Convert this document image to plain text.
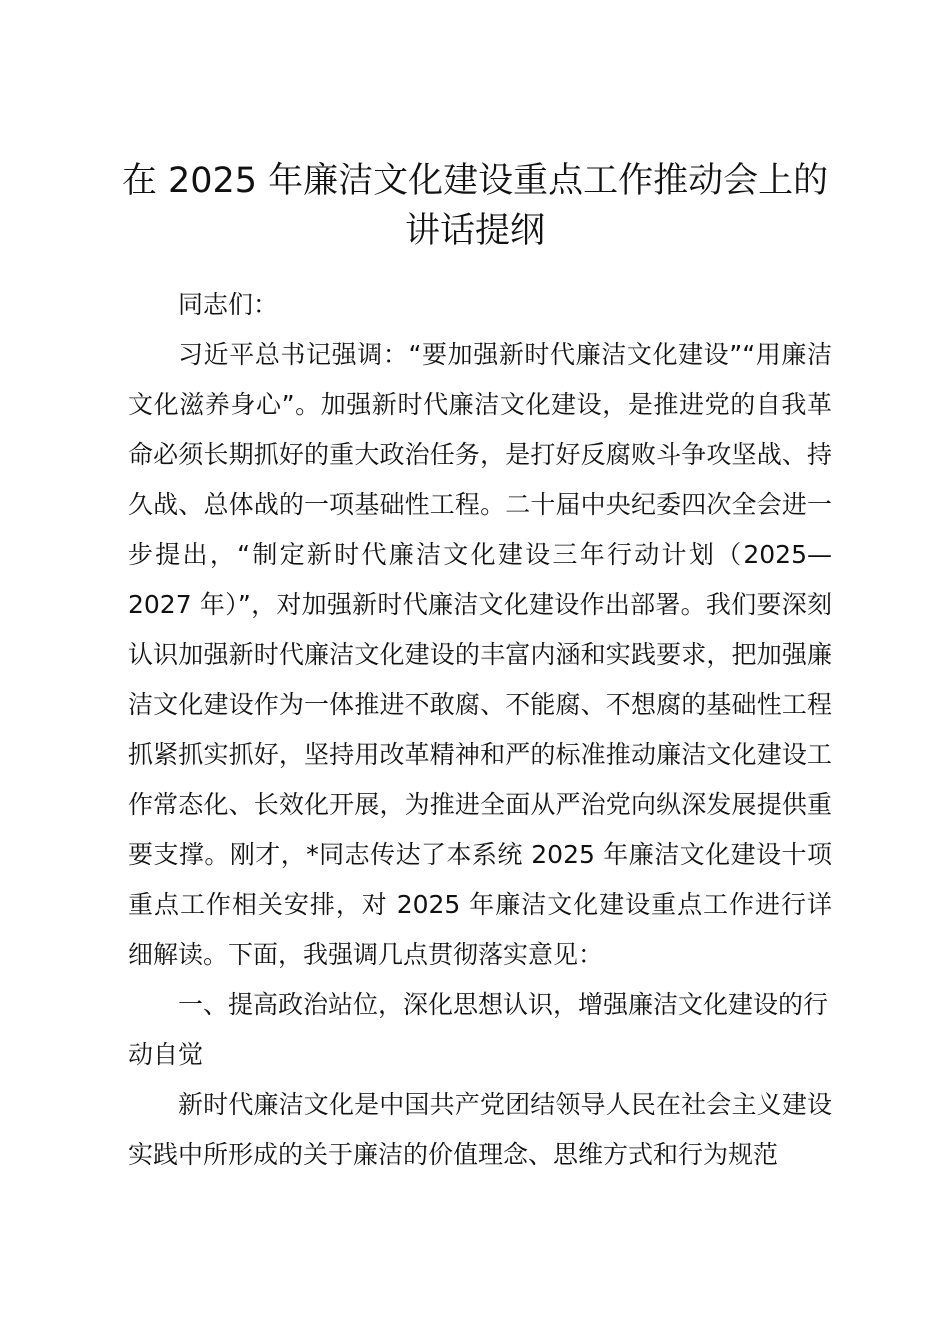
在 2025 年廉洁文化建设重点工作推动会上的讲话提纲

同志们：

习近平总书记强调：“要加强新时代廉洁文化建设”“用廉洁文化滋养身心”。加强新时代廉洁文化建设，是推进党的自我革命必须长期抓好的重大政治任务，是打好反腐败斗争攻坚战、持久战、总体战的一项基础性工程。二十届中央纪委四次全会进一步提出，“制定新时代廉洁文化建设三年行动计划（2025—2027 年）”，对加强新时代廉洁文化建设作出部署。我们要深刻认识加强新时代廉洁文化建设的丰富内涵和实践要求，把加强廉洁文化建设作为一体推进不敢腐、不能腐、不想腐的基础性工程抓紧抓实抓好，坚持用改革精神和严的标准推动廉洁文化建设工作常态化、长效化开展，为推进全面从严治党向纵深发展提供重要支撑。刚才，*同志传达了本系统 2025 年廉洁文化建设十项重点工作相关安排，对 2025 年廉洁文化建设重点工作进行详细解读。下面，我强调几点贯彻落实意见：

一、提高政治站位，深化思想认识，增强廉洁文化建设的行动自觉

新时代廉洁文化是中国共产党团结领导人民在社会主义建设实践中所形成的关于廉洁的价值理念、思维方式和行为规范
